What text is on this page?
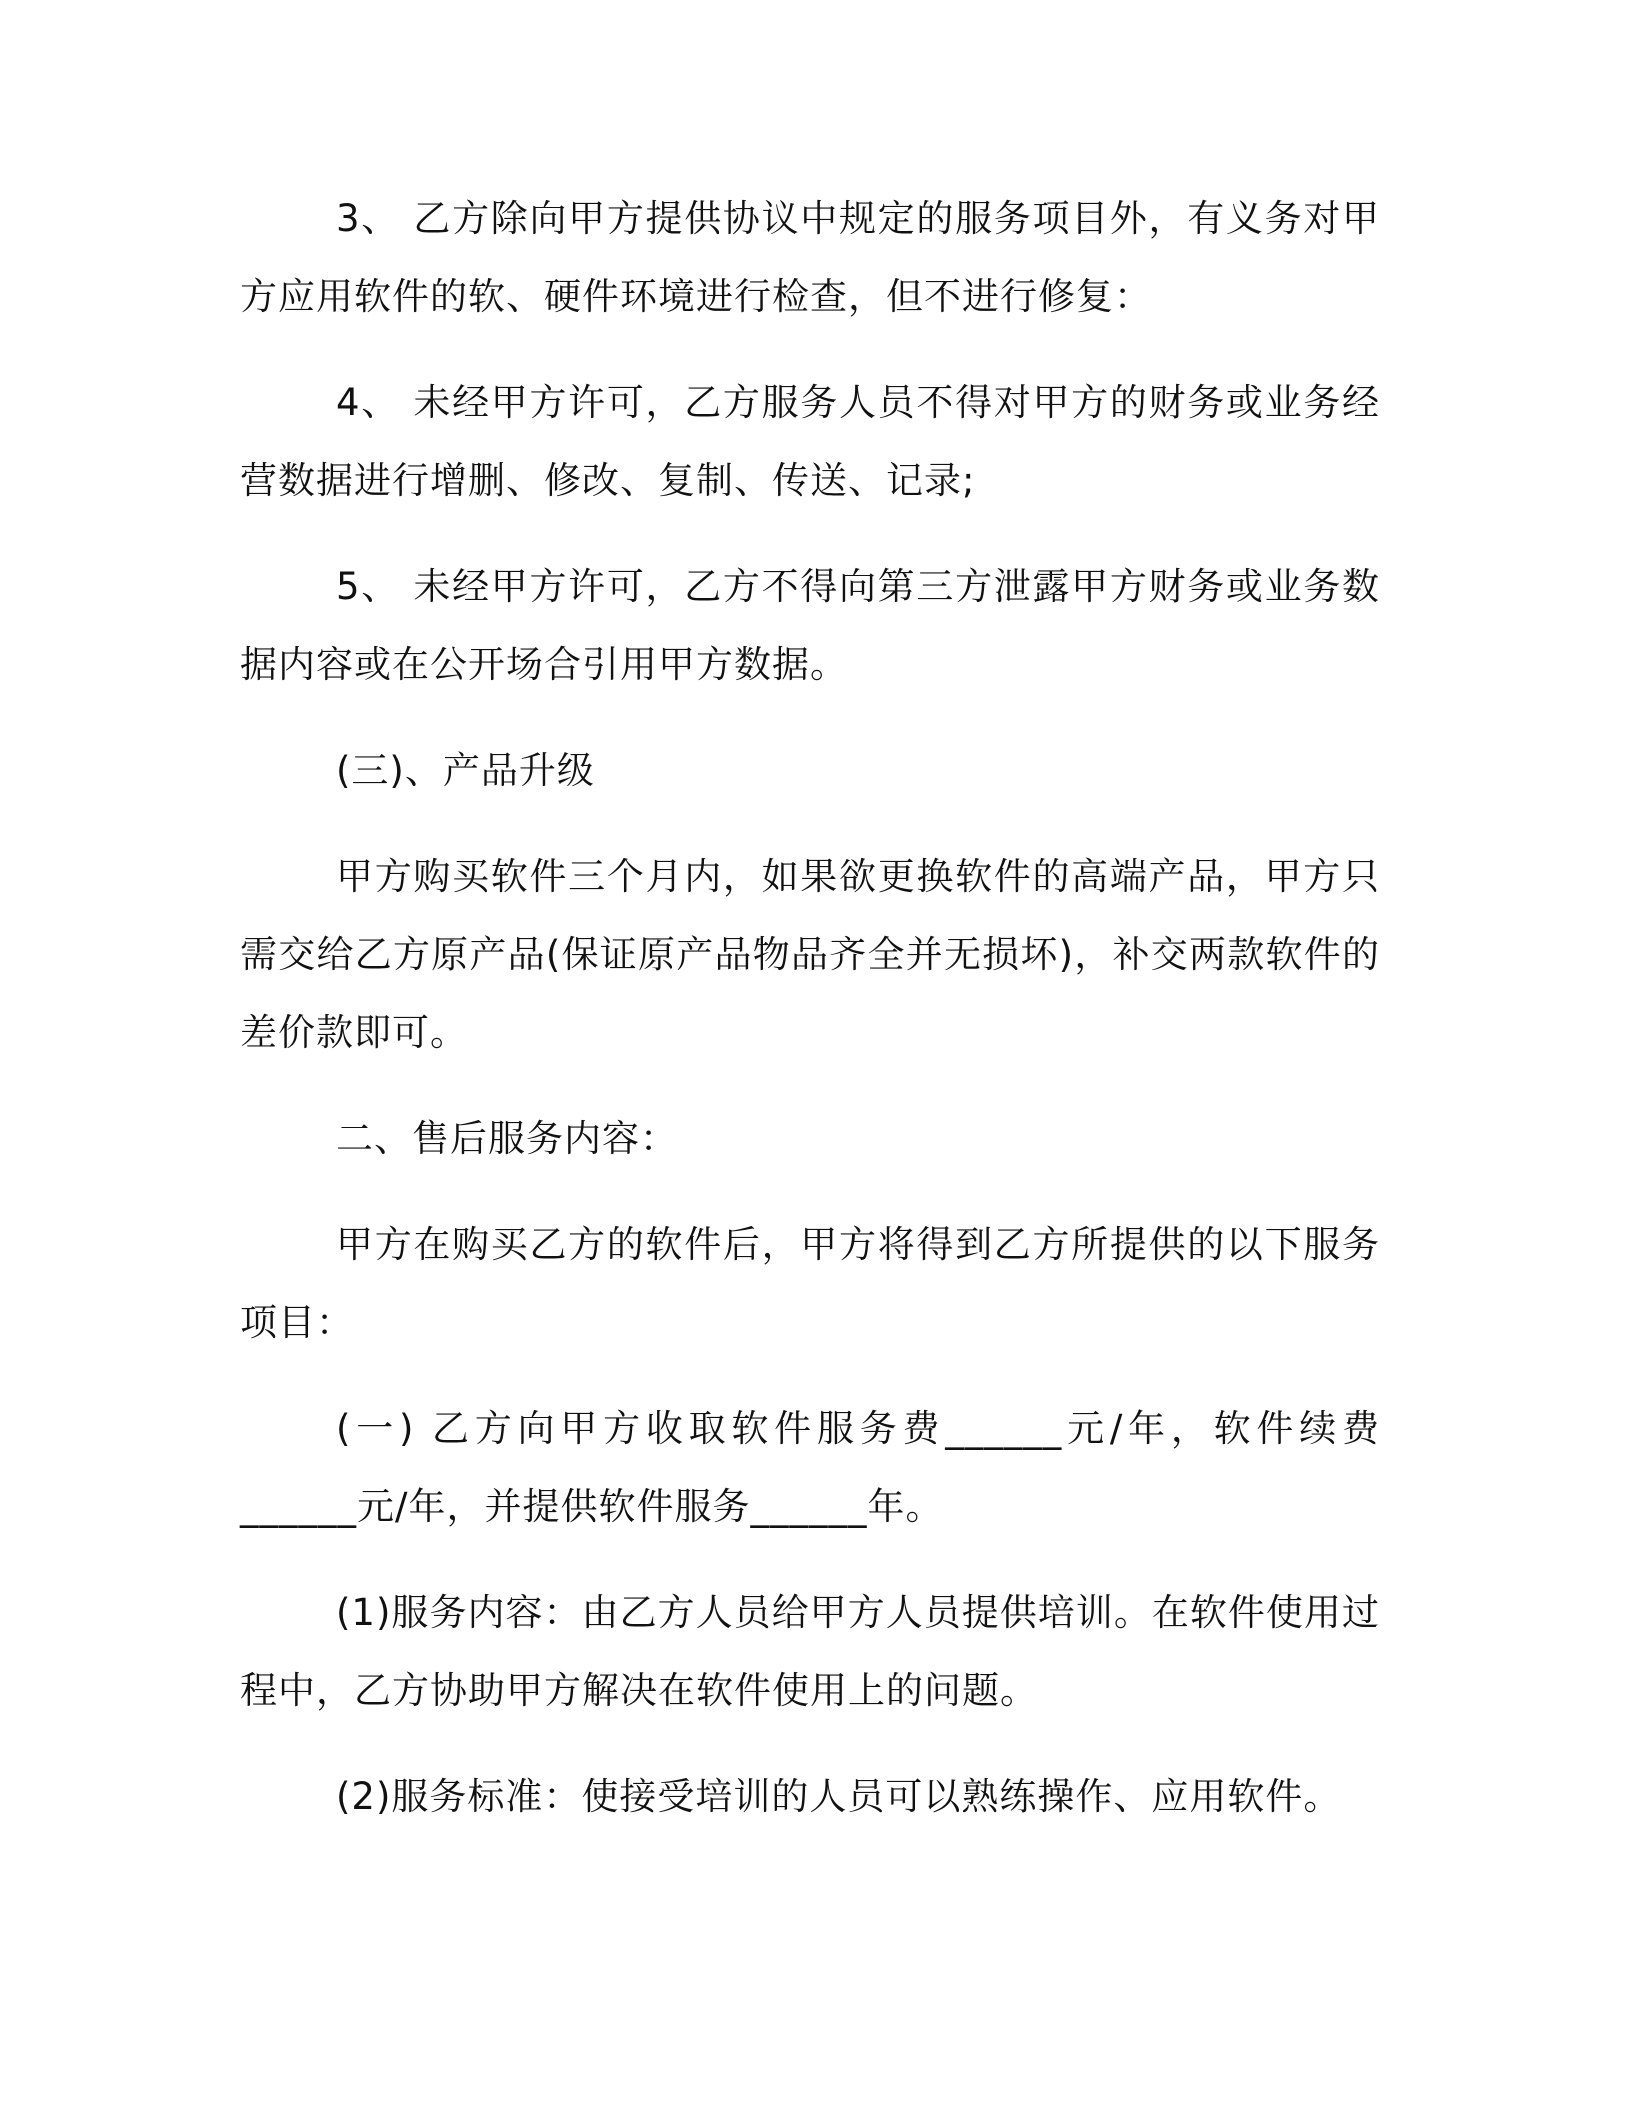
3、 乙方除向甲方提供协议中规定的服务项目外，有义务对甲方应用软件的软、硬件环境进行检查，但不进行修复：

4、 未经甲方许可，乙方服务人员不得对甲方的财务或业务经营数据进行增删、修改、复制、传送、记录;

5、 未经甲方许可，乙方不得向第三方泄露甲方财务或业务数据内容或在公开场合引用甲方数据。

(三)、产品升级

甲方购买软件三个月内，如果欲更换软件的高端产品，甲方只需交给乙方原产品(保证原产品物品齐全并无损坏)，补交两款软件的差价款即可。

二、售后服务内容：

甲方在购买乙方的软件后，甲方将得到乙方所提供的以下服务项目：

(一) 乙方向甲方收取软件服务费______元/年，软件续费______元/年，并提供软件服务______年。

(1)服务内容：由乙方人员给甲方人员提供培训。在软件使用过程中，乙方协助甲方解决在软件使用上的问题。

(2)服务标准：使接受培训的人员可以熟练操作、应用软件。
